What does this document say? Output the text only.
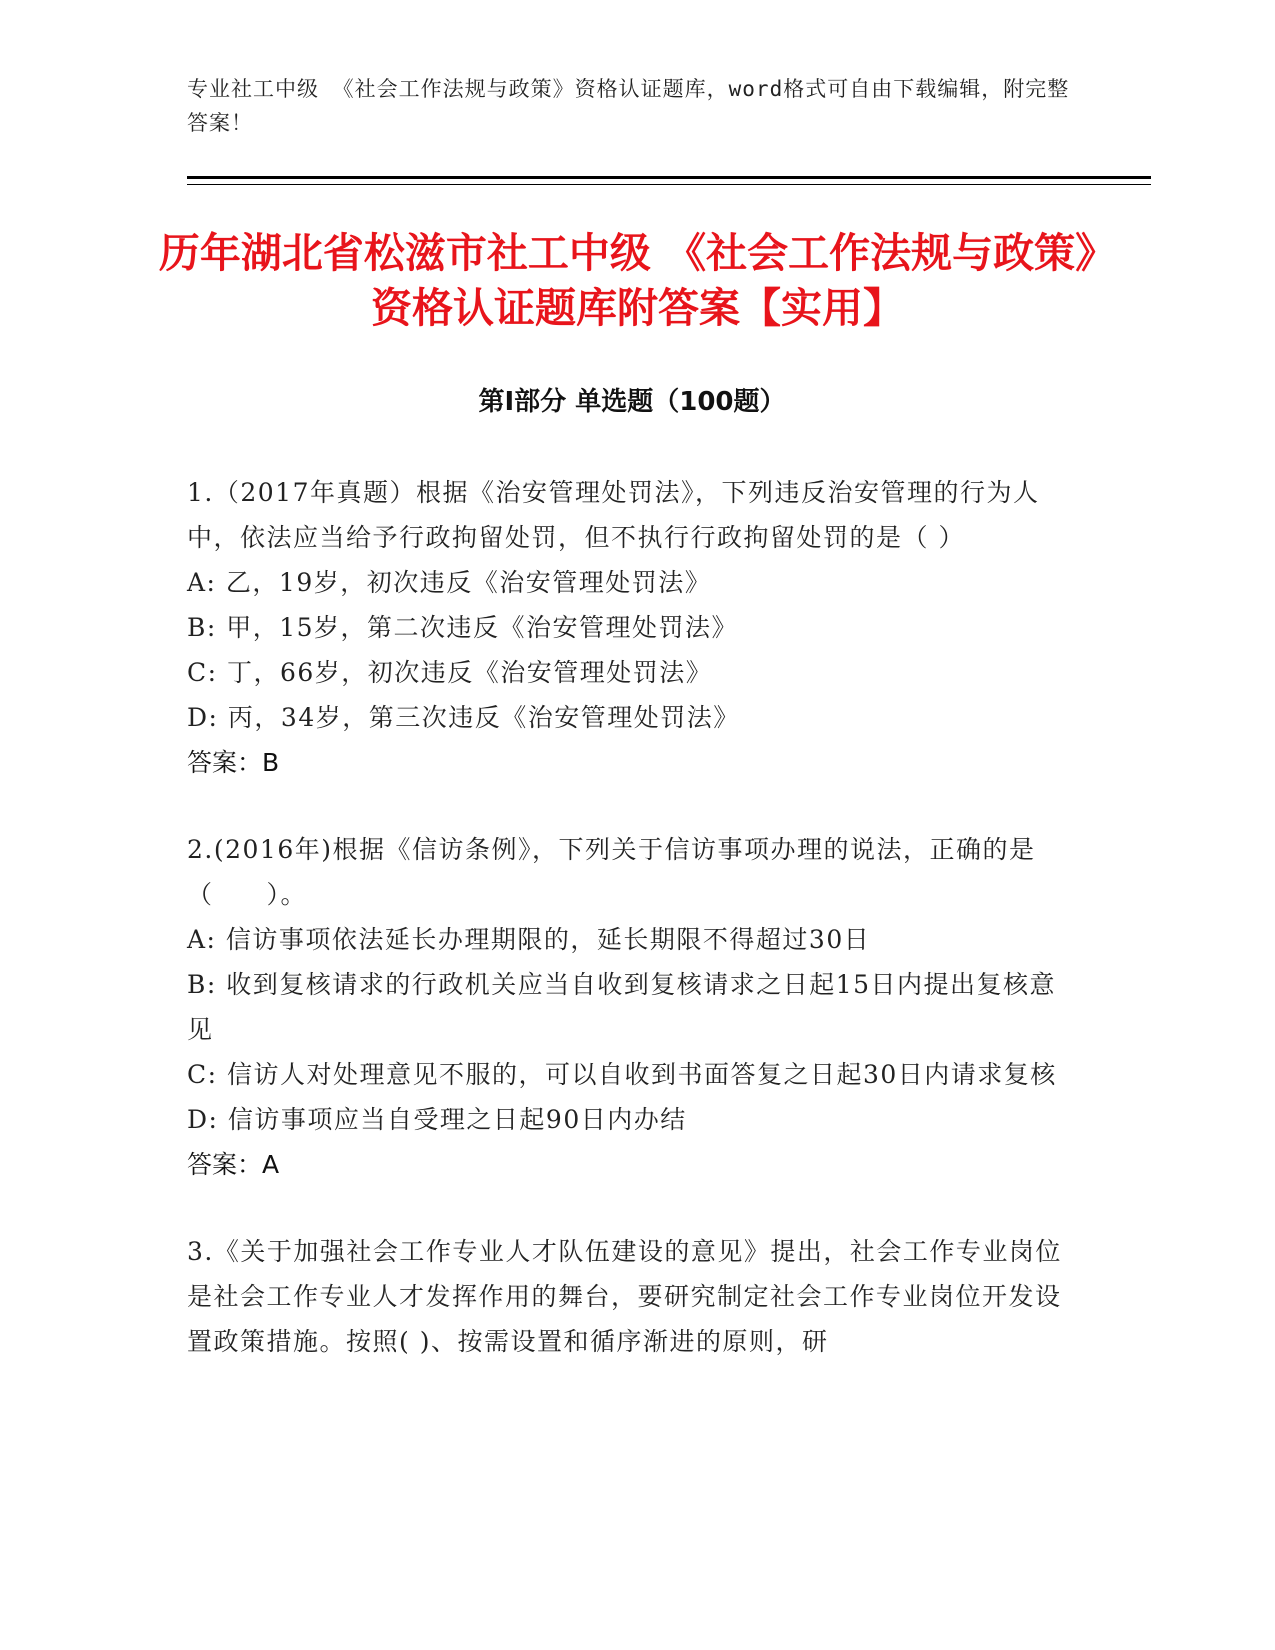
专业社工中级 《社会工作法规与政策》资格认证题库，word格式可自由下载编辑，附完整答案！
历年湖北省松滋市社工中级 《社会工作法规与政策》资格认证题库附答案【实用】
第Ⅰ部分 单选题（100题）

1.（2017年真题）根据《治安管理处罚法》，下列违反治安管理的行为人中，依法应当给予行政拘留处罚，但不执行行政拘留处罚的是（ ）

A: 乙，19岁，初次违反《治安管理处罚法》

B: 甲，15岁，第二次违反《治安管理处罚法》

C: 丁，66岁，初次违反《治安管理处罚法》

D: 丙，34岁，第三次违反《治安管理处罚法》

答案：B

2.(2016年)根据《信访条例》，下列关于信访事项办理的说法，正确的是（　　）。

A: 信访事项依法延长办理期限的，延长期限不得超过30日

B: 收到复核请求的行政机关应当自收到复核请求之日起15日内提出复核意见

C: 信访人对处理意见不服的，可以自收到书面答复之日起30日内请求复核

D: 信访事项应当自受理之日起90日内办结

答案：A

3.《关于加强社会工作专业人才队伍建设的意见》提出，社会工作专业岗位是社会工作专业人才发挥作用的舞台，要研究制定社会工作专业岗位开发设置政策措施。按照( )、按需设置和循序渐进的原则，研
